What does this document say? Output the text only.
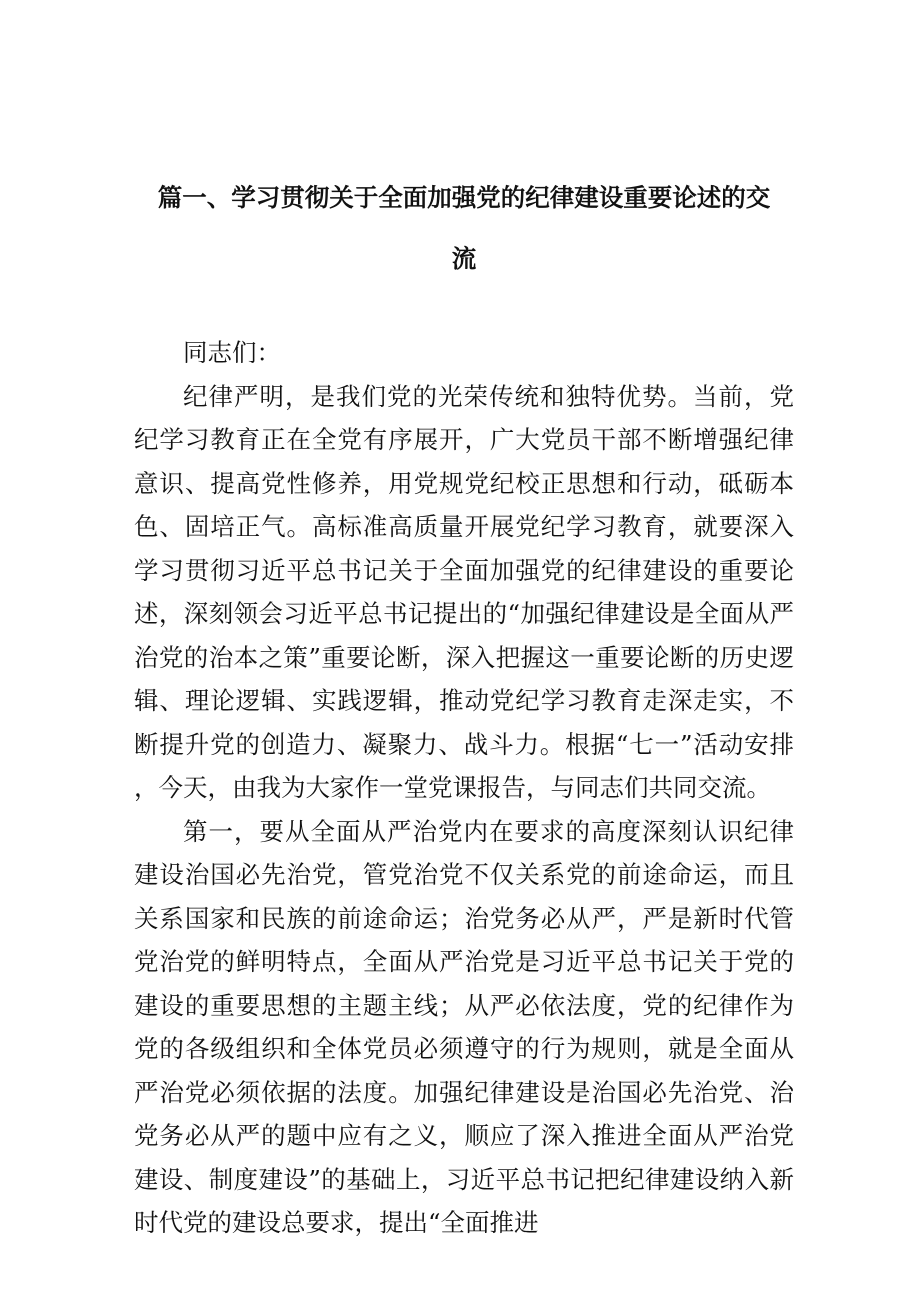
篇一、学习贯彻关于全面加强党的纪律建设重要论述的交
流

同志们：

纪律严明，是我们党的光荣传统和独特优势。当前，党纪学习教育正在全党有序展开，广大党员干部不断增强纪律意识、提高党性修养，用党规党纪校正思想和行动，砥砺本色、固培正气。高标准高质量开展党纪学习教育，就要深入学习贯彻习近平总书记关于全面加强党的纪律建设的重要论述，深刻领会习近平总书记提出的“加强纪律建设是全面从严治党的治本之策”重要论断，深入把握这一重要论断的历史逻辑、理论逻辑、实践逻辑，推动党纪学习教育走深走实，不断提升党的创造力、凝聚力、战斗力。根据“七一”活动安排，今天，由我为大家作一堂党课报告，与同志们共同交流。

第一，要从全面从严治党内在要求的高度深刻认识纪律建设治国必先治党，管党治党不仅关系党的前途命运，而且关系国家和民族的前途命运；治党务必从严，严是新时代管党治党的鲜明特点，全面从严治党是习近平总书记关于党的建设的重要思想的主题主线；从严必依法度，党的纪律作为党的各级组织和全体党员必须遵守的行为规则，就是全面从严治党必须依据的法度。加强纪律建设是治国必先治党、治党务必从严的题中应有之义，顺应了深入推进全面从严治党建设、制度建设”的基础上，习近平总书记把纪律建设纳入新时代党的建设总要求，提出“全面推进
